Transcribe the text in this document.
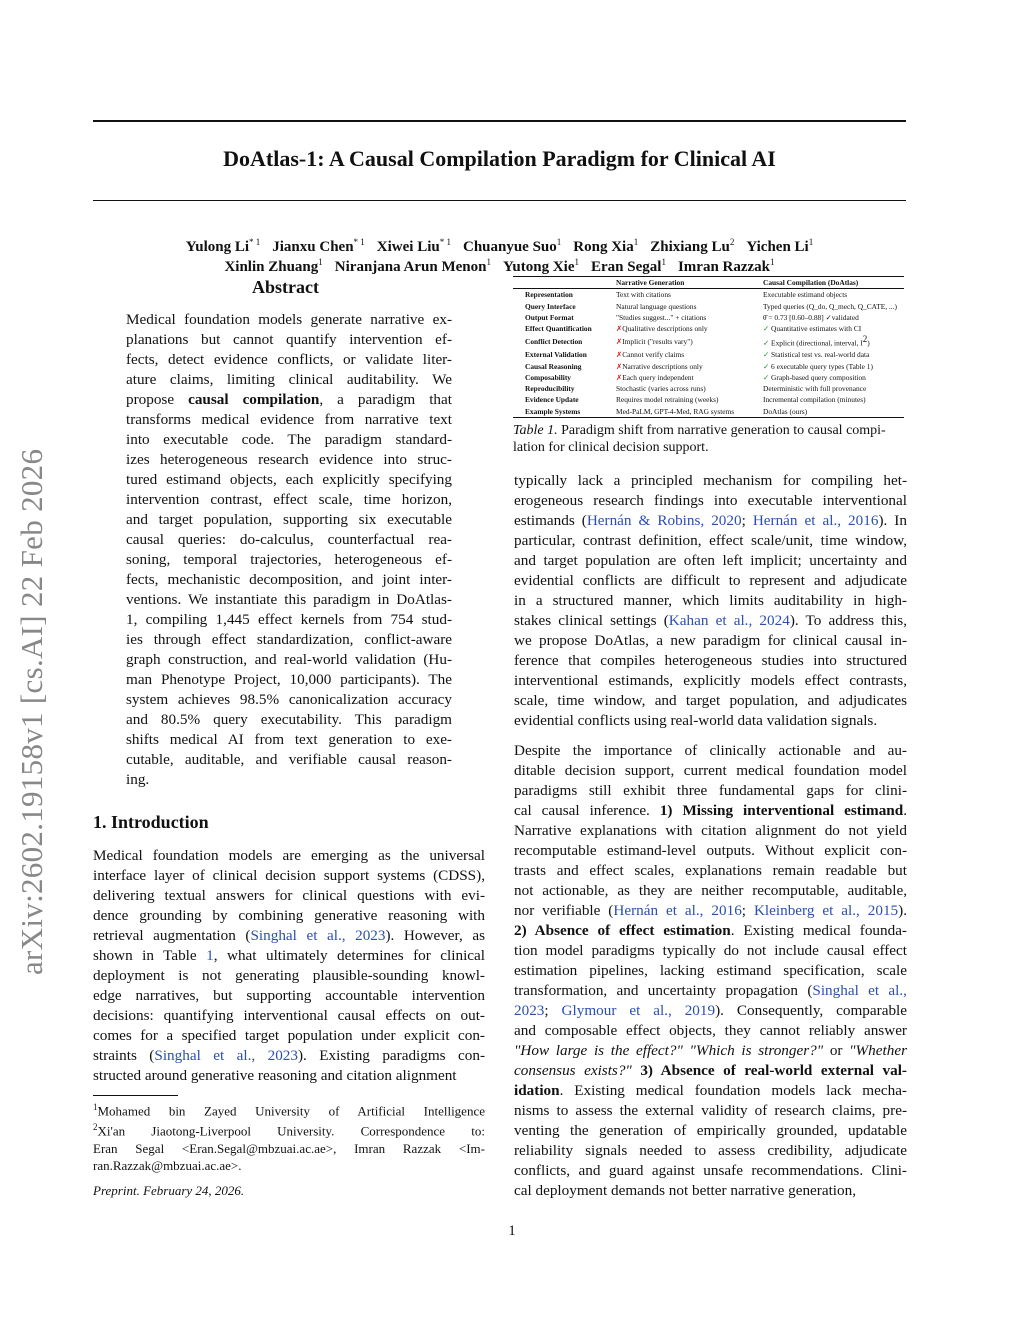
arXiv:2602.19158v1 [cs.AI] 22 Feb 2026
DoAtlas-1: A Causal Compilation Paradigm for Clinical AI
Yulong Li$^{* 1}$ Jianxu Chen$^{* 1}$ Xiwei Liu$^{* 1}$ Chuanyue Suo$^1$ Rong Xia$^1$ Zhixiang Lu$^2$ Yichen Li$^1$
Xinlin Zhuang$^1$ Niranjana Arun Menon$^1$ Yutong Xie$^1$ Eran Segal$^1$ Imran Razzak$^1$
Abstract
Medical foundation models generate narrative ex-
planations but cannot quantify intervention ef-
fects, detect evidence conflicts, or validate liter-
ature claims, limiting clinical auditability. We
propose causal compilation, a paradigm that
transforms medical evidence from narrative text
into executable code. The paradigm standard-
izes heterogeneous research evidence into struc-
tured estimand objects, each explicitly specifying
intervention contrast, effect scale, time horizon,
and target population, supporting six executable
causal queries: do-calculus, counterfactual rea-
soning, temporal trajectories, heterogeneous ef-
fects, mechanistic decomposition, and joint inter-
ventions. We instantiate this paradigm in DoAtlas-
1, compiling 1,445 effect kernels from 754 stud-
ies through effect standardization, conflict-aware
graph construction, and real-world validation (Hu-
man Phenotype Project, 10,000 participants). The
system achieves 98.5% canonicalization accuracy
and 80.5% query executability. This paradigm
shifts medical AI from text generation to exe-
cutable, auditable, and verifiable causal reason-
ing.
1. Introduction
Medical foundation models are emerging as the universal
interface layer of clinical decision support systems (CDSS),
delivering textual answers for clinical questions with evi-
dence grounding by combining generative reasoning with
retrieval augmentation (Singhal et al., 2023). However, as
shown in Table 1, what ultimately determines for clinical
deployment is not generating plausible-sounding knowl-
edge narratives, but supporting accountable intervention
decisions: quantifying interventional causal effects on out-
comes for a specified target population under explicit con-
straints (Singhal et al., 2023). Existing paradigms con-
structed around generative reasoning and citation alignment
$^1$Mohamed bin Zayed University of Artificial Intelligence
$^2$Xi'an Jiaotong-Liverpool University. Correspondence to:
Eran Segal <Eran.Segal@mbzuai.ac.ae>, Imran Razzak <Im-
ran.Razzak@mbzuai.ac.ae>.
Preprint. February 24, 2026.
	Narrative Generation	Causal Compilation (DoAtlas)
Representation	Text with citations	Executable estimand objects
Query Interface	Natural language questions	Typed queries (Q_do, Q_mech, Q_CATE, ...)
Output Format	"Studies suggest..." + citations	θ̂ = 0.73 [0.60–0.88] ✓validated
Effect Quantification	✗Qualitative descriptions only	✓ Quantitative estimates with CI
Conflict Detection	✗Implicit ("results vary")	✓ Explicit (directional, interval, $I^2$)
External Validation	✗Cannot verify claims	✓ Statistical test vs. real-world data
Causal Reasoning	✗Narrative descriptions only	✓ 6 executable query types (Table 1)
Composability	✗Each query independent	✓ Graph-based query composition
Reproducibility	Stochastic (varies across runs)	Deterministic with full provenance
Evidence Update	Requires model retraining (weeks)	Incremental compilation (minutes)
Example Systems	Med-PaLM, GPT-4-Med, RAG systems	DoAtlas (ours)
Table 1. Paradigm shift from narrative generation to causal compi-
lation for clinical decision support.
typically lack a principled mechanism for compiling het-
erogeneous research findings into executable interventional
estimands (Hernán & Robins, 2020; Hernán et al., 2016). In
particular, contrast definition, effect scale/unit, time window,
and target population are often left implicit; uncertainty and
evidential conflicts are difficult to represent and adjudicate
in a structured manner, which limits auditability in high-
stakes clinical settings (Kahan et al., 2024). To address this,
we propose DoAtlas, a new paradigm for clinical causal in-
ference that compiles heterogeneous studies into structured
interventional estimands, explicitly models effect contrasts,
scale, time window, and target population, and adjudicates
evidential conflicts using real-world data validation signals.
Despite the importance of clinically actionable and au-
ditable decision support, current medical foundation model
paradigms still exhibit three fundamental gaps for clini-
cal causal inference. 1) Missing interventional estimand.
Narrative explanations with citation alignment do not yield
recomputable estimand-level outputs. Without explicit con-
trasts and effect scales, explanations remain readable but
not actionable, as they are neither recomputable, auditable,
nor verifiable (Hernán et al., 2016; Kleinberg et al., 2015).
2) Absence of effect estimation. Existing medical founda-
tion model paradigms typically do not include causal effect
estimation pipelines, lacking estimand specification, scale
transformation, and uncertainty propagation (Singhal et al.,
2023; Glymour et al., 2019). Consequently, comparable
and composable effect objects, they cannot reliably answer
"How large is the effect?" "Which is stronger?" or "Whether
consensus exists?" 3) Absence of real-world external val-
idation. Existing medical foundation models lack mecha-
nisms to assess the external validity of research claims, pre-
venting the generation of empirically grounded, updatable
reliability signals needed to assess credibility, adjudicate
conflicts, and guard against unsafe recommendations. Clini-
cal deployment demands not better narrative generation,
1
